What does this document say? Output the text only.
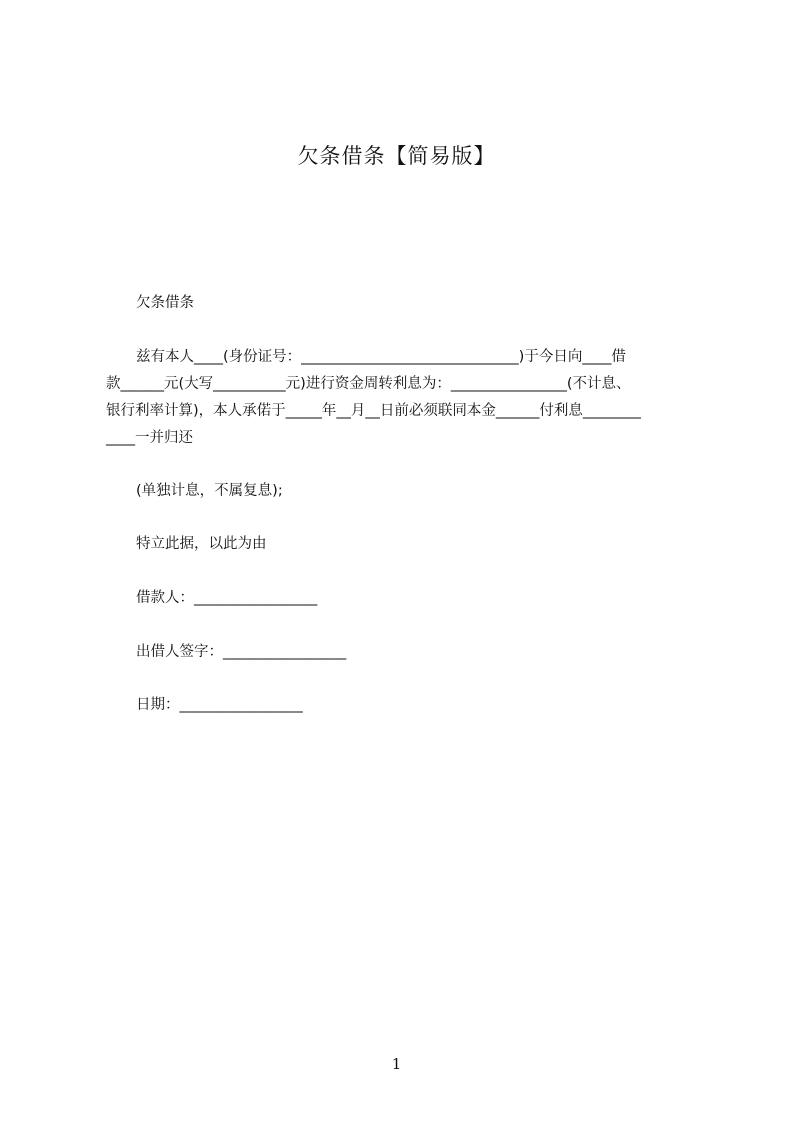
欠条借条【简易版】
欠条借条
兹有本人____(身份证号：______________________________)于今日向____借
款______元(大写__________元)进行资金周转利息为：________________(不计息、
银行利率计算)，本人承偌于_____年__月__日前必须联同本金______付利息________
____一并归还
(单独计息，不属复息);
特立此据，以此为由
借款人：_________________
出借人签字：_________________
日期：_________________
1
